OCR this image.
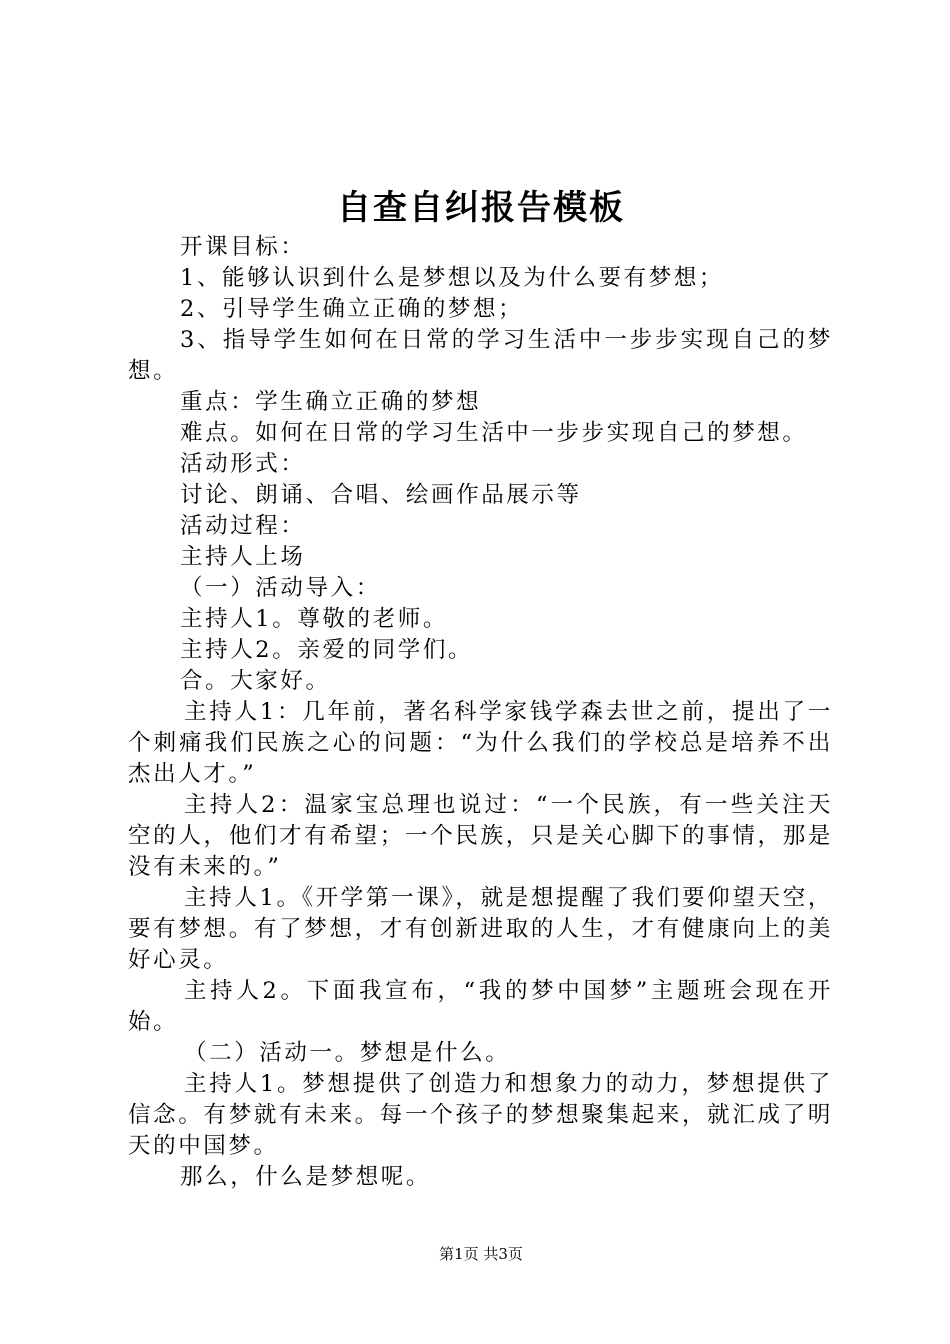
自查自纠报告模板

开课目标：

1、能够认识到什么是梦想以及为什么要有梦想；

2、引导学生确立正确的梦想；

3、指导学生如何在日常的学习生活中一步步实现自己的梦想。

重点：学生确立正确的梦想

难点。如何在日常的学习生活中一步步实现自己的梦想。

活动形式：

讨论、朗诵、合唱、绘画作品展示等

活动过程：

主持人上场

（一）活动导入：

主持人1。尊敬的老师。

主持人2。亲爱的同学们。

合。大家好。

主持人1：几年前，著名科学家钱学森去世之前，提出了一个刺痛我们民族之心的问题：“为什么我们的学校总是培养不出杰出人才。”

主持人2：温家宝总理也说过：“一个民族，有一些关注天空的人，他们才有希望；一个民族，只是关心脚下的事情，那是没有未来的。”

主持人1。《开学第一课》，就是想提醒了我们要仰望天空，要有梦想。有了梦想，才有创新进取的人生，才有健康向上的美好心灵。

主持人2。下面我宣布，“我的梦中国梦”主题班会现在开始。

（二）活动一。梦想是什么。

主持人1。梦想提供了创造力和想象力的动力，梦想提供了信念。有梦就有未来。每一个孩子的梦想聚集起来，就汇成了明天的中国梦。

那么，什么是梦想呢。

第1页 共3页
